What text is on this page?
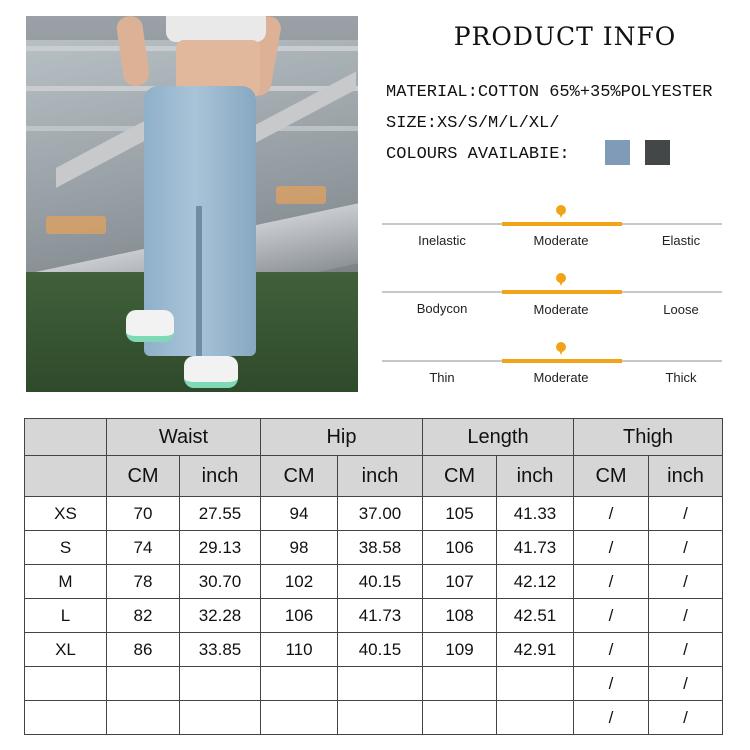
PRODUCT INFO
MATERIAL:COTTON 65%+35%POLYESTER
SIZE:XS/S/M/L/XL/
COLOURS AVAILABIE:
Inelastic	Moderate	Elastic
Bodycon	Moderate	Loose
Thin	Moderate	Thick
	Waist		Hip		Length		Thigh	
	CM	inch	CM	inch	CM	inch	CM	inch
XS	70	27.55	94	37.00	105	41.33	/	/
S	74	29.13	98	38.58	106	41.73	/	/
M	78	30.70	102	40.15	107	42.12	/	/
L	82	32.28	106	41.73	108	42.51	/	/
XL	86	33.85	110	40.15	109	42.91	/	/
							/	/
							/	/
